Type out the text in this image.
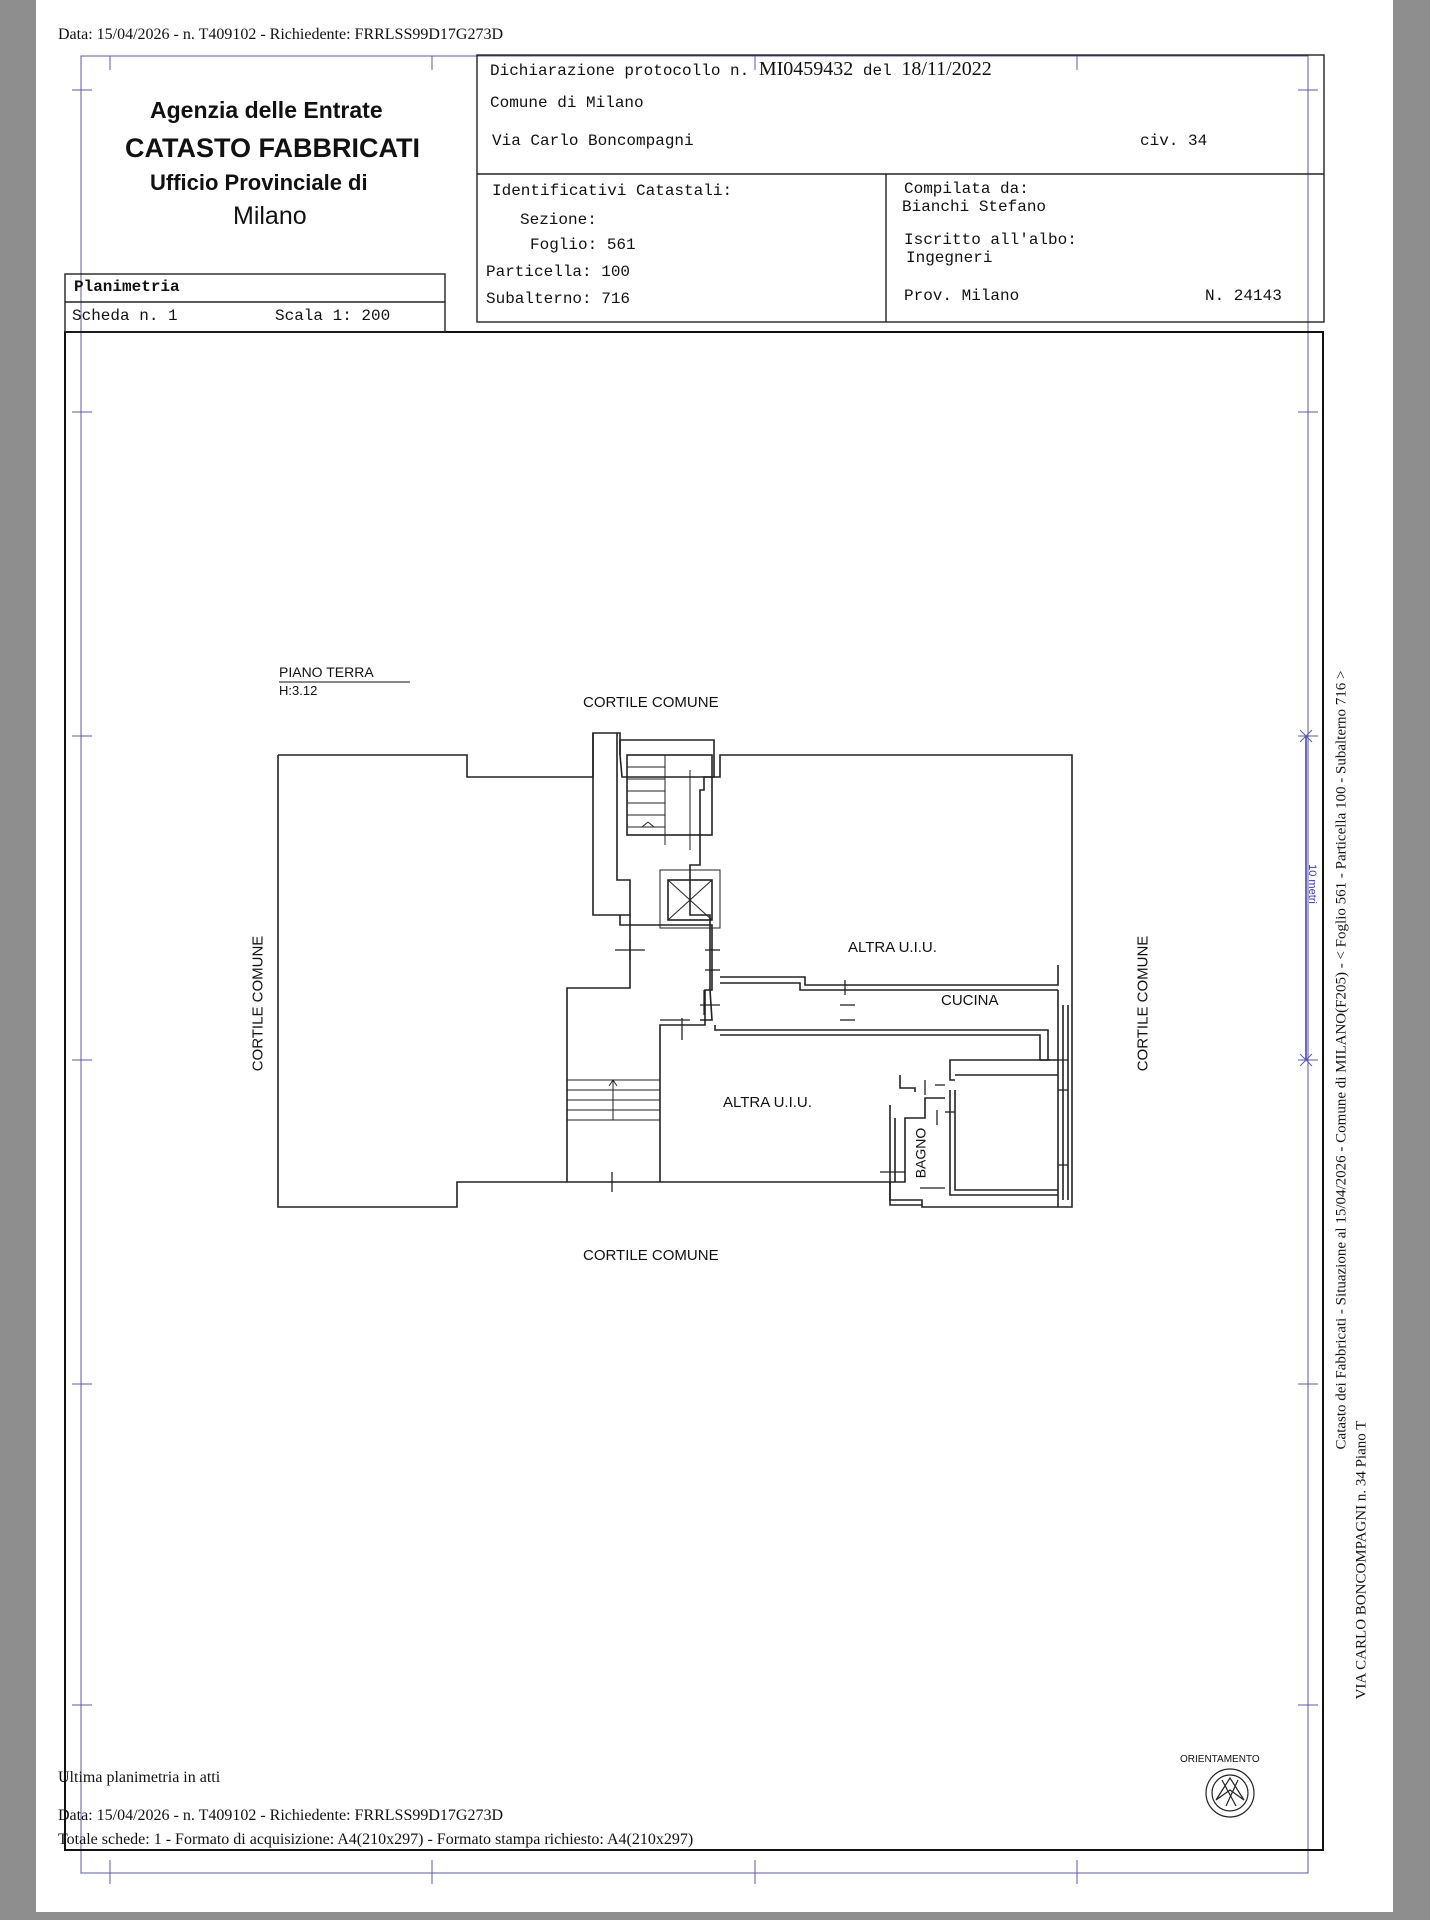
Data: 15/04/2026 - n. T409102 - Richiedente: FRRLSS99D17G273D
Agenzia delle Entrate
CATASTO FABBRICATI
Ufficio Provinciale di
Milano
Planimetria
Scheda n. 1	Scala 1: 200
Dichiarazione protocollo n. MI0459432 del 18/11/2022
Comune di Milano
Via Carlo Boncompagni	civ. 34
Identificativi Catastali:
Sezione:
Foglio: 561
Particella: 100
Subalterno: 716
Compilata da:
Bianchi Stefano
Iscritto all'albo:
Ingegneri
Prov. Milano	N. 24143
PIANO TERRA
H:3.12
CORTILE COMUNE
CORTILE COMUNE
CORTILE COMUNE	CORTILE COMUNE
ALTRA U.I.U.
ALTRA U.I.U.
CUCINA
BAGNO
10 metri
ORIENTAMENTO
Catasto dei Fabbricati - Situazione al 15/04/2026 - Comune di MILANO(F205) - < Foglio 561 - Particella 100 - Subalterno 716 >
VIA CARLO BONCOMPAGNI n. 34 Piano T
Ultima planimetria in atti
Data: 15/04/2026 - n. T409102 - Richiedente: FRRLSS99D17G273D
Totale schede: 1 - Formato di acquisizione: A4(210x297) - Formato stampa richiesto: A4(210x297)
